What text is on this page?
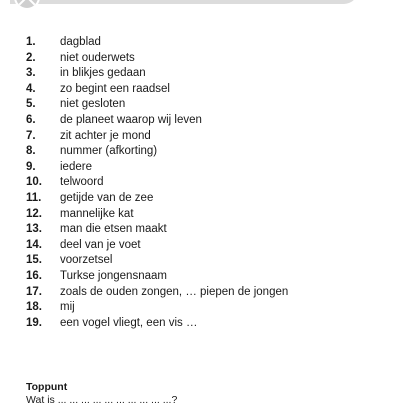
1.	dagblad
2.	niet ouderwets
3.	in blikjes gedaan
4.	zo begint een raadsel
5.	niet gesloten
6.	de planeet waarop wij leven
7.	zit achter je mond
8.	nummer (afkorting)
9.	iedere
10.	telwoord
11.	getijde van de zee
12.	mannelijke kat
13.	man die etsen maakt
14.	deel van je voet
15.	voorzetsel
16.	Turkse jongensnaam
17.	zoals de ouden zongen, … piepen de jongen
18.	mij
19.	een vogel vliegt, een vis …
Toppunt
Wat is ... ... ... ... ... ... ... ... ... ...?
